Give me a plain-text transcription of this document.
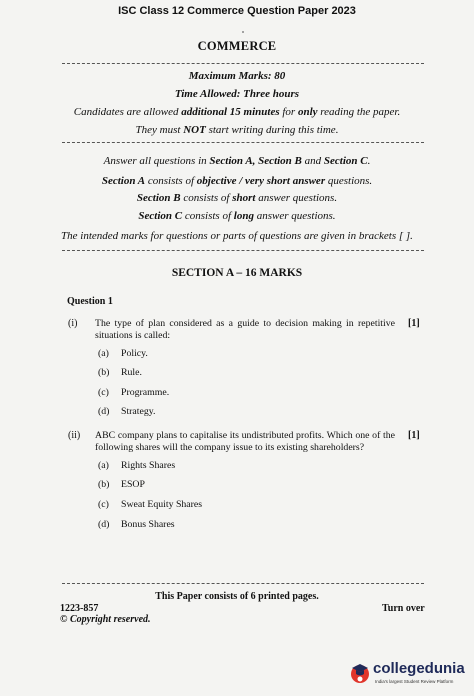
ISC Class 12 Commerce Question Paper 2023
COMMERCE
Maximum Marks: 80
Time Allowed: Three hours
Candidates are allowed additional 15 minutes for only reading the paper.
They must NOT start writing during this time.
Answer all questions in Section A, Section B and Section C.
Section A consists of objective / very short answer questions.
Section B consists of short answer questions.
Section C consists of long answer questions.
The intended marks for questions or parts of questions are given in brackets [ ].
SECTION A – 16 MARKS
Question 1
(i) The type of plan considered as a guide to decision making in repetitive situations is called:
[1]
(a) Policy.
(b) Rule.
(c) Programme.
(d) Strategy.
(ii) ABC company plans to capitalise its undistributed profits. Which one of the following shares will the company issue to its existing shareholders?
[1]
(a) Rights Shares
(b) ESOP
(c) Sweat Equity Shares
(d) Bonus Shares
This Paper consists of 6 printed pages.
1223-857
© Copyright reserved.
Turn over
collegedunia
India's largest Student Review Platform
